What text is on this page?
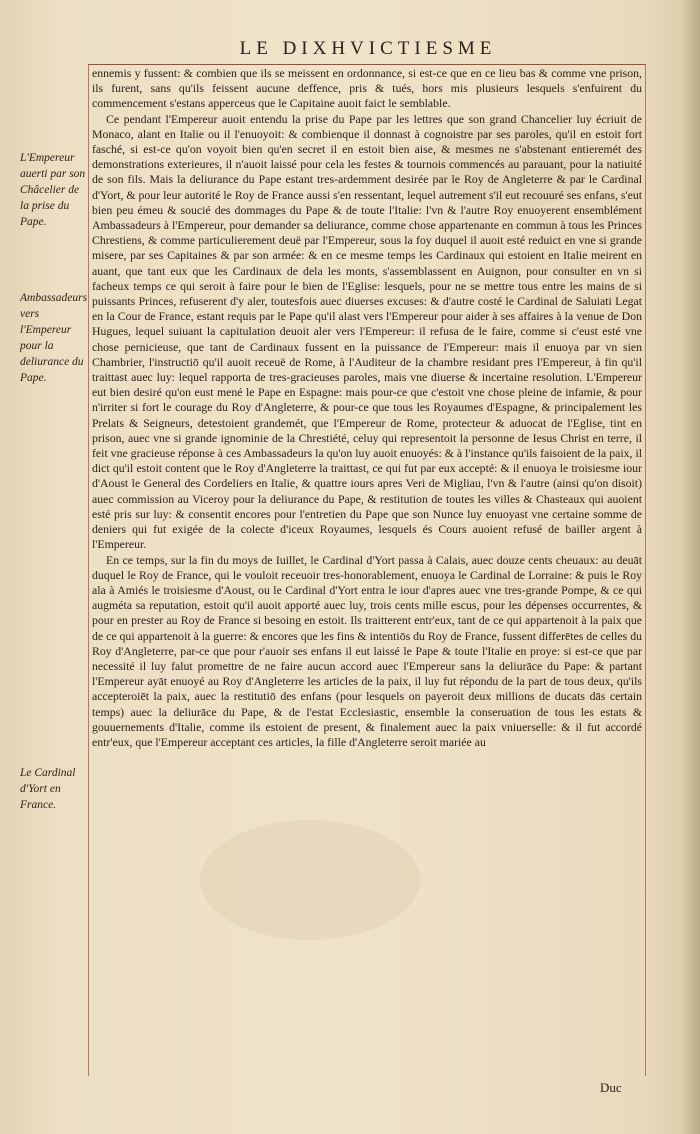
LE DIXHVICTIESME
L'Empereur auerti par son Châcelier de la prise du Pape.
Ambassadeurs vers l'Empereur pour la deliurance du Pape.
Le Cardinal d'Yort en France.

ennemis y fussent: & combien que ils se meissent en ordonnance, si est-ce que en ce lieu bas & comme vne prison, ils furent, sans qu'ils feissent aucune deffence, pris & tués, hors mis plusieurs lesquels s'enfuirent du commencement s'estans apperceus que le Capitaine auoit faict le semblable.

Ce pendant l'Empereur auoit entendu la prise du Pape par les lettres que son grand Chancelier luy écriuit de Monaco, alant en Italie ou il l'enuoyoit: & combienque il donnast à cognoistre par ses paroles, qu'il en estoit fort fasché, si est-ce qu'on voyoit bien qu'en secret il en estoit bien aise, & mesmes ne s'abstenant entieremét des demonstrations exterieures, il n'auoit laissé pour cela les festes & tournois commencés au parauant, pour la natiuité de son fils. Mais la deliurance du Pape estant tres-ardemment desirée par le Roy de Angleterre & par le Cardinal d'Yort, & pour leur autorité le Roy de France aussi s'en ressentant, lequel autrement s'il eut recouuré ses enfans, s'eut bien peu émeu & soucié des dommages du Pape & de toute l'Italie: l'vn & l'autre Roy enuoyerent ensemblément Ambassadeurs à l'Empereur, pour demander sa deliurance, comme chose appartenante en commun à tous les Princes Chrestiens, & comme particulierement deuë par l'Empereur, sous la foy duquel il auoit esté reduict en vne si grande misere, par ses Capitaines & par son armée: & en ce mesme temps les Cardinaux qui estoient en Italie meirent en auant, que tant eux que les Cardinaux de dela les monts, s'assemblassent en Auignon, pour consulter en vn si facheux temps ce qui seroit à faire pour le bien de l'Eglise: lesquels, pour ne se mettre tous entre les mains de si puissants Princes, refuserent d'y aler, toutesfois auec diuerses excuses: & d'autre costé le Cardinal de Saluiati Legat en la Cour de France, estant requis par le Pape qu'il alast vers l'Empereur pour aider à ses affaires à la venue de Don Hugues, lequel suiuant la capitulation deuoit aler vers l'Empereur: il refusa de le faire, comme si c'eust esté vne chose pernicieuse, que tant de Cardinaux fussent en la puissance de l'Empereur: mais il enuoya par vn sien Chambrier, l'instructiō qu'il auoit receuë de Rome, à l'Auditeur de la chambre residant pres l'Empereur, à fin qu'il traittast auec luy: lequel rapporta de tres-gracieuses paroles, mais vne diuerse & incertaine resolution. L'Empereur eut bien desiré qu'on eust mené le Pape en Espagne: mais pour-ce que c'estoit vne chose pleine de infamie, & pour n'irriter si fort le courage du Roy d'Angleterre, & pour-ce que tous les Royaumes d'Espagne, & principalement les Prelats & Seigneurs, detestoient grandemét, que l'Empereur de Rome, protecteur & aduocat de l'Eglise, tint en prison, auec vne si grande ignominie de la Chrestiété, celuy qui representoit la personne de Iesus Christ en terre, il feit vne gracieuse réponse à ces Ambassadeurs la qu'on luy auoit enuoyés: & à l'instance qu'ils faisoient de la paix, il dict qu'il estoit content que le Roy d'Angleterre la traittast, ce qui fut par eux accepté: & il enuoya le troisiesme iour d'Aoust le General des Cordeliers en Italie, & quattre iours apres Veri de Migliau, l'vn & l'autre (ainsi qu'on disoit) auec commission au Viceroy pour la deliurance du Pape, & restitution de toutes les villes & Chasteaux qui auoient esté pris sur luy: & consentit encores pour l'entretien du Pape que son Nunce luy enuoyast vne certaine somme de deniers qui fut exigée de la colecte d'iceux Royaumes, lesquels és Cours auoient refusé de bailler argent à l'Empereur.

En ce temps, sur la fin du moys de Iuillet, le Cardinal d'Yort passa à Calais, auec douze cents cheuaux: au deuāt duquel le Roy de France, qui le vouloit receuoir tres-honorablement, enuoya le Cardinal de Lorraine: & puis le Roy ala à Amiés le troisiesme d'Aoust, ou le Cardinal d'Yort entra le iour d'apres auec vne tres-grande Pompe, & ce qui augméta sa reputation, estoit qu'il auoit apporté auec luy, trois cents mille escus, pour les dépenses occurrentes, & pour en prester au Roy de France si besoing en estoit. Ils traitterent entr'eux, tant de ce qui appartenoit à la paix que de ce qui appartenoit à la guerre: & encores que les fins & intentiōs du Roy de France, fussent differētes de celles du Roy d'Angleterre, par-ce que pour r'auoir ses enfans il eut laissé le Pape & toute l'Italie en proye: si est-ce que par necessité il luy falut promettre de ne faire aucun accord auec l'Empereur sans la deliurāce du Pape: & partant l'Empereur ayāt enuoyé au Roy d'Angleterre les articles de la paix, il luy fut répondu de la part de tous deux, qu'ils accepteroiēt la paix, auec la restitutiō des enfans (pour lesquels on payeroit deux millions de ducats dās certain temps) auec la deliurāce du Pape, & de l'estat Ecclesiastic, ensemble la conseruation de tous les estats & gouuernements d'Italie, comme ils estoient de present, & finalement auec la paix vniuerselle: & il fut accordé entr'eux, que l'Empereur acceptant ces articles, la fille d'Angleterre seroit mariée au

Duc
